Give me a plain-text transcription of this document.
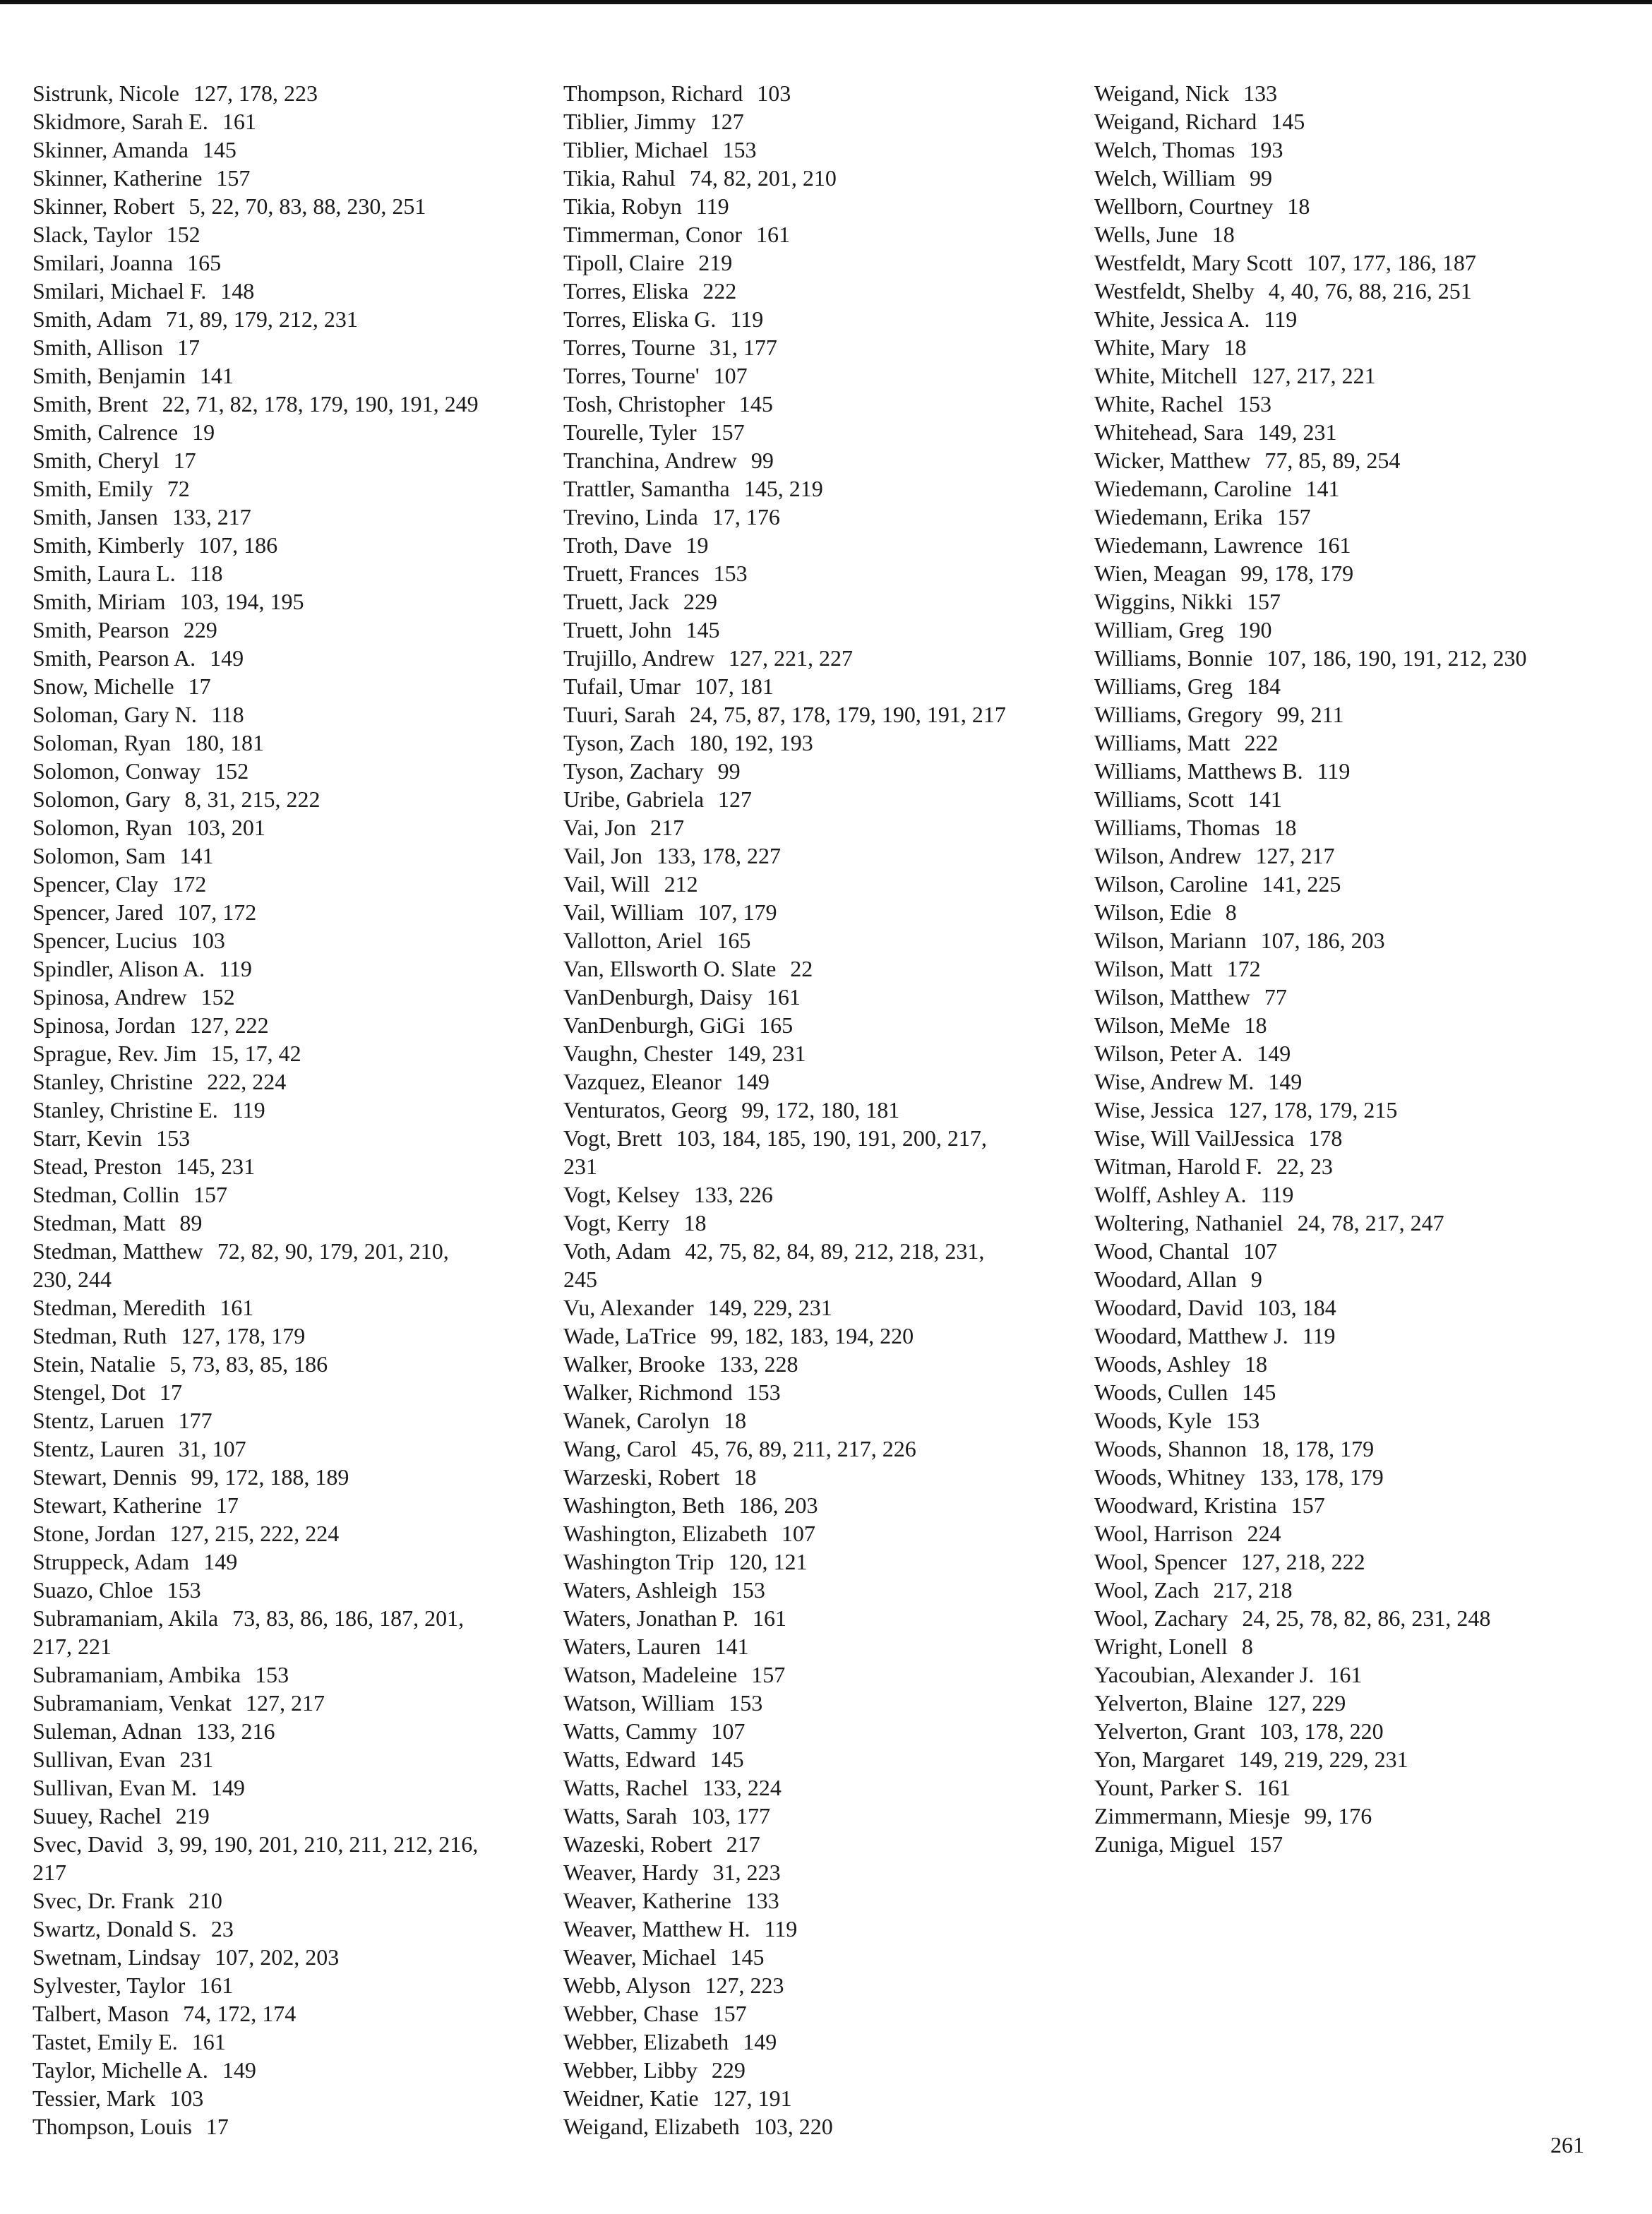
Sistrunk, Nicole 127, 178, 223
Skidmore, Sarah E. 161
Skinner, Amanda 145
Skinner, Katherine 157
Skinner, Robert 5, 22, 70, 83, 88, 230, 251
Slack, Taylor 152
Smilari, Joanna 165
Smilari, Michael F. 148
Smith, Adam 71, 89, 179, 212, 231
Smith, Allison 17
Smith, Benjamin 141
Smith, Brent 22, 71, 82, 178, 179, 190, 191, 249
Smith, Calrence 19
Smith, Cheryl 17
Smith, Emily 72
Smith, Jansen 133, 217
Smith, Kimberly 107, 186
Smith, Laura L. 118
Smith, Miriam 103, 194, 195
Smith, Pearson 229
Smith, Pearson A. 149
Snow, Michelle 17
Soloman, Gary N. 118
Soloman, Ryan 180, 181
Solomon, Conway 152
Solomon, Gary 8, 31, 215, 222
Solomon, Ryan 103, 201
Solomon, Sam 141
Spencer, Clay 172
Spencer, Jared 107, 172
Spencer, Lucius 103
Spindler, Alison A. 119
Spinosa, Andrew 152
Spinosa, Jordan 127, 222
Sprague, Rev. Jim 15, 17, 42
Stanley, Christine 222, 224
Stanley, Christine E. 119
Starr, Kevin 153
Stead, Preston 145, 231
Stedman, Collin 157
Stedman, Matt 89
Stedman, Matthew 72, 82, 90, 179, 201, 210,
230, 244
Stedman, Meredith 161
Stedman, Ruth 127, 178, 179
Stein, Natalie 5, 73, 83, 85, 186
Stengel, Dot 17
Stentz, Laruen 177
Stentz, Lauren 31, 107
Stewart, Dennis 99, 172, 188, 189
Stewart, Katherine 17
Stone, Jordan 127, 215, 222, 224
Struppeck, Adam 149
Suazo, Chloe 153
Subramaniam, Akila 73, 83, 86, 186, 187, 201,
217, 221
Subramaniam, Ambika 153
Subramaniam, Venkat 127, 217
Suleman, Adnan 133, 216
Sullivan, Evan 231
Sullivan, Evan M. 149
Suuey, Rachel 219
Svec, David 3, 99, 190, 201, 210, 211, 212, 216,
217
Svec, Dr. Frank 210
Swartz, Donald S. 23
Swetnam, Lindsay 107, 202, 203
Sylvester, Taylor 161
Talbert, Mason 74, 172, 174
Tastet, Emily E. 161
Taylor, Michelle A. 149
Tessier, Mark 103
Thompson, Louis 17
Thompson, Richard 103
Tiblier, Jimmy 127
Tiblier, Michael 153
Tikia, Rahul 74, 82, 201, 210
Tikia, Robyn 119
Timmerman, Conor 161
Tipoll, Claire 219
Torres, Eliska 222
Torres, Eliska G. 119
Torres, Tourne 31, 177
Torres, Tourne' 107
Tosh, Christopher 145
Tourelle, Tyler 157
Tranchina, Andrew 99
Trattler, Samantha 145, 219
Trevino, Linda 17, 176
Troth, Dave 19
Truett, Frances 153
Truett, Jack 229
Truett, John 145
Trujillo, Andrew 127, 221, 227
Tufail, Umar 107, 181
Tuuri, Sarah 24, 75, 87, 178, 179, 190, 191, 217
Tyson, Zach 180, 192, 193
Tyson, Zachary 99
Uribe, Gabriela 127
Vai, Jon 217
Vail, Jon 133, 178, 227
Vail, Will 212
Vail, William 107, 179
Vallotton, Ariel 165
Van, Ellsworth O. Slate 22
VanDenburgh, Daisy 161
VanDenburgh, GiGi 165
Vaughn, Chester 149, 231
Vazquez, Eleanor 149
Venturatos, Georg 99, 172, 180, 181
Vogt, Brett 103, 184, 185, 190, 191, 200, 217,
231
Vogt, Kelsey 133, 226
Vogt, Kerry 18
Voth, Adam 42, 75, 82, 84, 89, 212, 218, 231,
245
Vu, Alexander 149, 229, 231
Wade, LaTrice 99, 182, 183, 194, 220
Walker, Brooke 133, 228
Walker, Richmond 153
Wanek, Carolyn 18
Wang, Carol 45, 76, 89, 211, 217, 226
Warzeski, Robert 18
Washington, Beth 186, 203
Washington, Elizabeth 107
Washington Trip 120, 121
Waters, Ashleigh 153
Waters, Jonathan P. 161
Waters, Lauren 141
Watson, Madeleine 157
Watson, William 153
Watts, Cammy 107
Watts, Edward 145
Watts, Rachel 133, 224
Watts, Sarah 103, 177
Wazeski, Robert 217
Weaver, Hardy 31, 223
Weaver, Katherine 133
Weaver, Matthew H. 119
Weaver, Michael 145
Webb, Alyson 127, 223
Webber, Chase 157
Webber, Elizabeth 149
Webber, Libby 229
Weidner, Katie 127, 191
Weigand, Elizabeth 103, 220
Weigand, Nick 133
Weigand, Richard 145
Welch, Thomas 193
Welch, William 99
Wellborn, Courtney 18
Wells, June 18
Westfeldt, Mary Scott 107, 177, 186, 187
Westfeldt, Shelby 4, 40, 76, 88, 216, 251
White, Jessica A. 119
White, Mary 18
White, Mitchell 127, 217, 221
White, Rachel 153
Whitehead, Sara 149, 231
Wicker, Matthew 77, 85, 89, 254
Wiedemann, Caroline 141
Wiedemann, Erika 157
Wiedemann, Lawrence 161
Wien, Meagan 99, 178, 179
Wiggins, Nikki 157
William, Greg 190
Williams, Bonnie 107, 186, 190, 191, 212, 230
Williams, Greg 184
Williams, Gregory 99, 211
Williams, Matt 222
Williams, Matthews B. 119
Williams, Scott 141
Williams, Thomas 18
Wilson, Andrew 127, 217
Wilson, Caroline 141, 225
Wilson, Edie 8
Wilson, Mariann 107, 186, 203
Wilson, Matt 172
Wilson, Matthew 77
Wilson, MeMe 18
Wilson, Peter A. 149
Wise, Andrew M. 149
Wise, Jessica 127, 178, 179, 215
Wise, Will VailJessica 178
Witman, Harold F. 22, 23
Wolff, Ashley A. 119
Woltering, Nathaniel 24, 78, 217, 247
Wood, Chantal 107
Woodard, Allan 9
Woodard, David 103, 184
Woodard, Matthew J. 119
Woods, Ashley 18
Woods, Cullen 145
Woods, Kyle 153
Woods, Shannon 18, 178, 179
Woods, Whitney 133, 178, 179
Woodward, Kristina 157
Wool, Harrison 224
Wool, Spencer 127, 218, 222
Wool, Zach 217, 218
Wool, Zachary 24, 25, 78, 82, 86, 231, 248
Wright, Lonell 8
Yacoubian, Alexander J. 161
Yelverton, Blaine 127, 229
Yelverton, Grant 103, 178, 220
Yon, Margaret 149, 219, 229, 231
Yount, Parker S. 161
Zimmermann, Miesje 99, 176
Zuniga, Miguel 157
261
